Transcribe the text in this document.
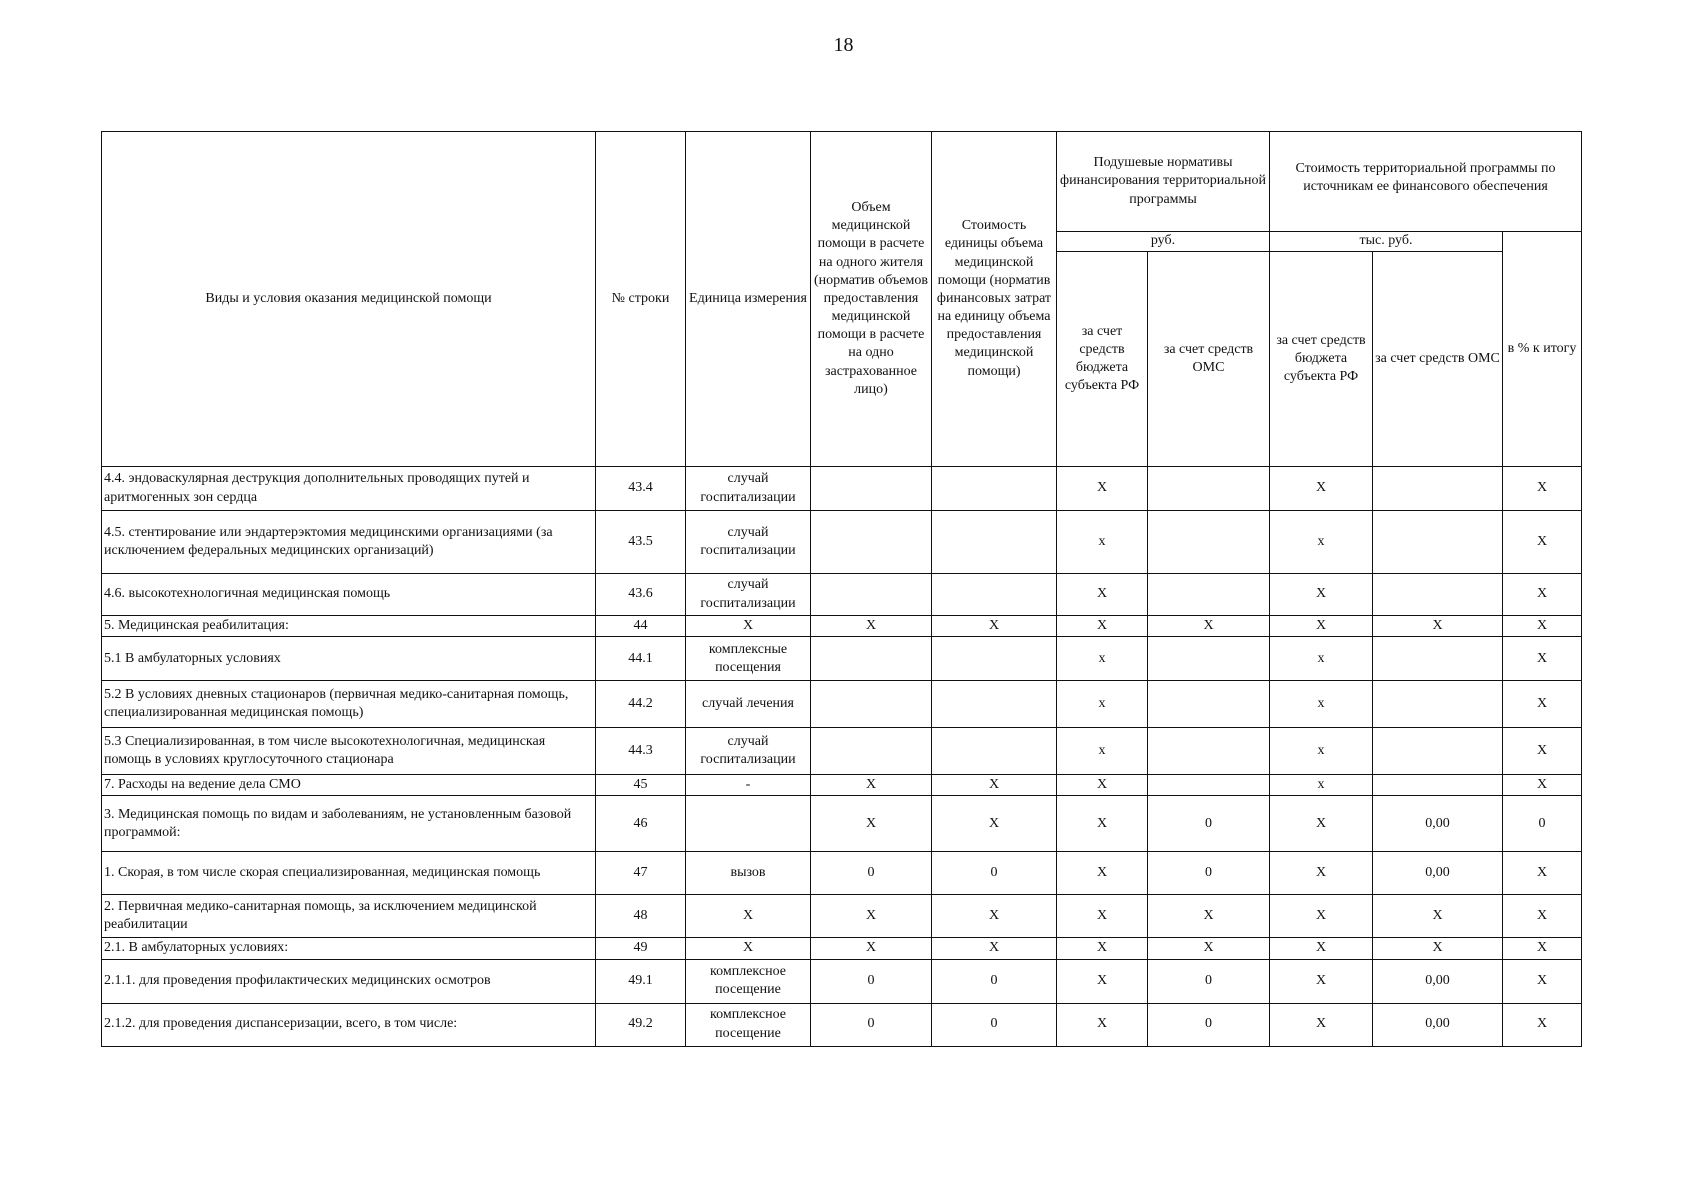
18
Виды и условия оказания медицинской помощи	№ строки	Единица измерения	Объем медицинской помощи в расчете на одного жителя (норматив объемов предоставления медицинской помощи в расчете на одно застрахованное лицо)	Стоимость единицы объема медицинской помощи (норматив финансовых затрат на единицу объема предоставления медицинской помощи)	Подушевые нормативы финансирования территориальной программы		Стоимость территориальной программы по источникам ее финансового обеспечения		
					руб.		тыс. руб.		в % к итогу
					за счет средств бюджета субъекта РФ	за счет средств ОМС	за счет средств бюджета субъекта РФ	за счет средств ОМС	
4.4. эндоваскулярная деструкция дополнительных проводящих путей и аритмогенных зон сердца	43.4	случай госпитализации			X		X		X
4.5. стентирование или эндартерэктомия медицинскими организациями (за исключением федеральных медицинских организаций)	43.5	случай госпитализации			x		x		X
4.6. высокотехнологичная медицинская помощь	43.6	случай госпитализации			X		X		X
5. Медицинская реабилитация:	44	X	X	X	X	X	X	X	X
5.1 В амбулаторных условиях	44.1	комплексные посещения			x		x		X
5.2 В условиях дневных стационаров (первичная медико-санитарная помощь, специализированная медицинская помощь)	44.2	случай лечения			x		x		X
5.3 Специализированная, в том числе высокотехнологичная, медицинская помощь в условиях круглосуточного стационара	44.3	случай госпитализации			x		x		X
7. Расходы на ведение дела СМО	45	-	X	X	X		x		X
3. Медицинская помощь по видам и заболеваниям, не установленным базовой программой:	46		X	X	X	0	X	0,00	0
1. Скорая, в том числе скорая специализированная, медицинская помощь	47	вызов	0	0	X	0	X	0,00	X
2. Первичная медико-санитарная помощь, за исключением медицинской реабилитации	48	X	X	X	X	X	X	X	X
2.1. В амбулаторных условиях:	49	X	X	X	X	X	X	X	X
2.1.1. для проведения профилактических медицинских осмотров	49.1	комплексное посещение	0	0	X	0	X	0,00	X
2.1.2. для проведения диспансеризации, всего, в том числе:	49.2	комплексное посещение	0	0	X	0	X	0,00	X
